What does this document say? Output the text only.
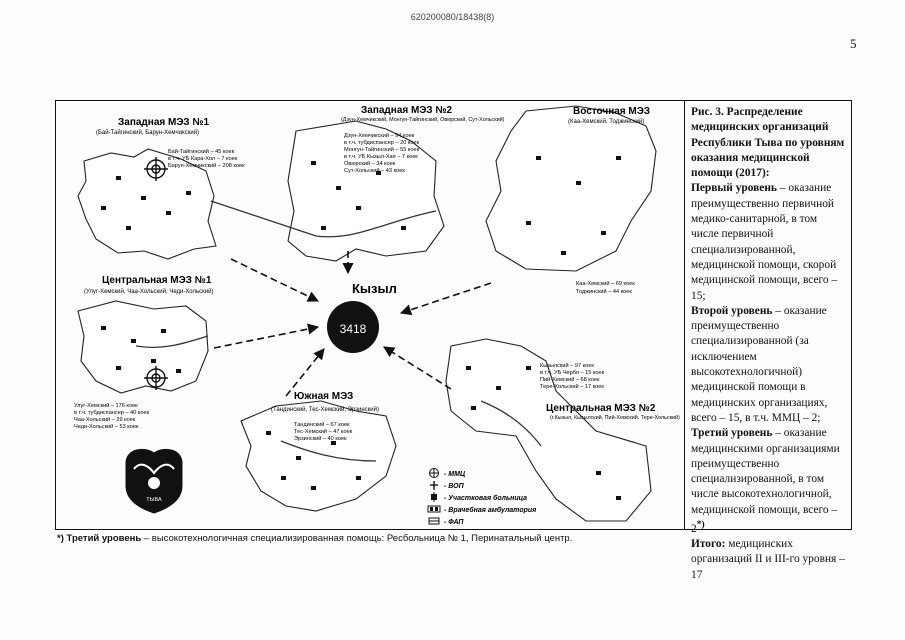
620200080/18438(8)
5
Кызыл
3418
Западная МЭЗ №1
(Бай-Тайгинский, Барун-Хемчикский)
Бай-Тайгинский – 45 коек
в т.ч. УБ Кара-Хол – 7 коек
Барун-Хемчикский – 208 коек
Западная МЭЗ №2
(Дзун-Хемчикский, Монгун-Тайгинский, Овюрский, Сут-Хольский)
Дзун-Хемчикский – 94 коек
в т.ч. тубдиспансер – 20 коек
Монгун-Тайгинский – 55 коек
в т.ч. УБ Кызыл-Хая – 7 коек
Овюрский – 34 коек
Сут-Хольский – 43 коек
Восточная МЭЗ
(Каа-Хемский, Тоджинский)
Каа-Хемский – 69 коек
Тоджинский – 44 коек
Центральная МЭЗ №1
(Улуг-Хемский, Чаа-Хольский, Чеди-Хольский)
Улуг-Хемский – 176 коек
в т.ч. тубдиспансер – 40 коек
Чаа-Хольский – 29 коек
Чеди-Хольский – 53 коек
Южная МЭЗ
(Тандинский, Тес-Хемский, Эрзинский)
Тандинский – 67 коек
Тес-Хемский – 47 коек
Эрзинский – 40 коек
Кызылский – 97 коек
в т.ч. УБ Чербя – 15 коек
Пий-Хемский – 68 коек
Тере-Хольский – 17 коек
Центральная МЭЗ №2
(г.Кызыл, Кызылский, Пий-Хемский, Тере-Хольский)
ТЫВА
- ММЦ
- ВОП
- Участковая больница
- Врачебная амбулатория
- ФАП

Рис. 3. Распределение медицинских организаций Республики Тыва по уровням оказания медицинской помощи (2017):

Первый уровень – оказание преимущественно первичной медико-санитарной, в том числе первичной специализированной, медицинской помощи, скорой медицинской помощи, всего – 15;

Второй уровень – оказание преимущественно специализированной (за исключением высокотехнологичной) медицинской помощи в медицинских организациях, всего – 15, в т.ч. ММЦ – 2;

Третий уровень – оказание медицинскими организациями преимущественно специализированной, в том числе высокотехнологичной, медицинской помощи, всего – 2*)

Итого: медицинских организаций II и III-го уровня – 17

*) Третий уровень – высокотехнологичная специализированная помощь: Ресбольница № 1, Перинатальный центр.
